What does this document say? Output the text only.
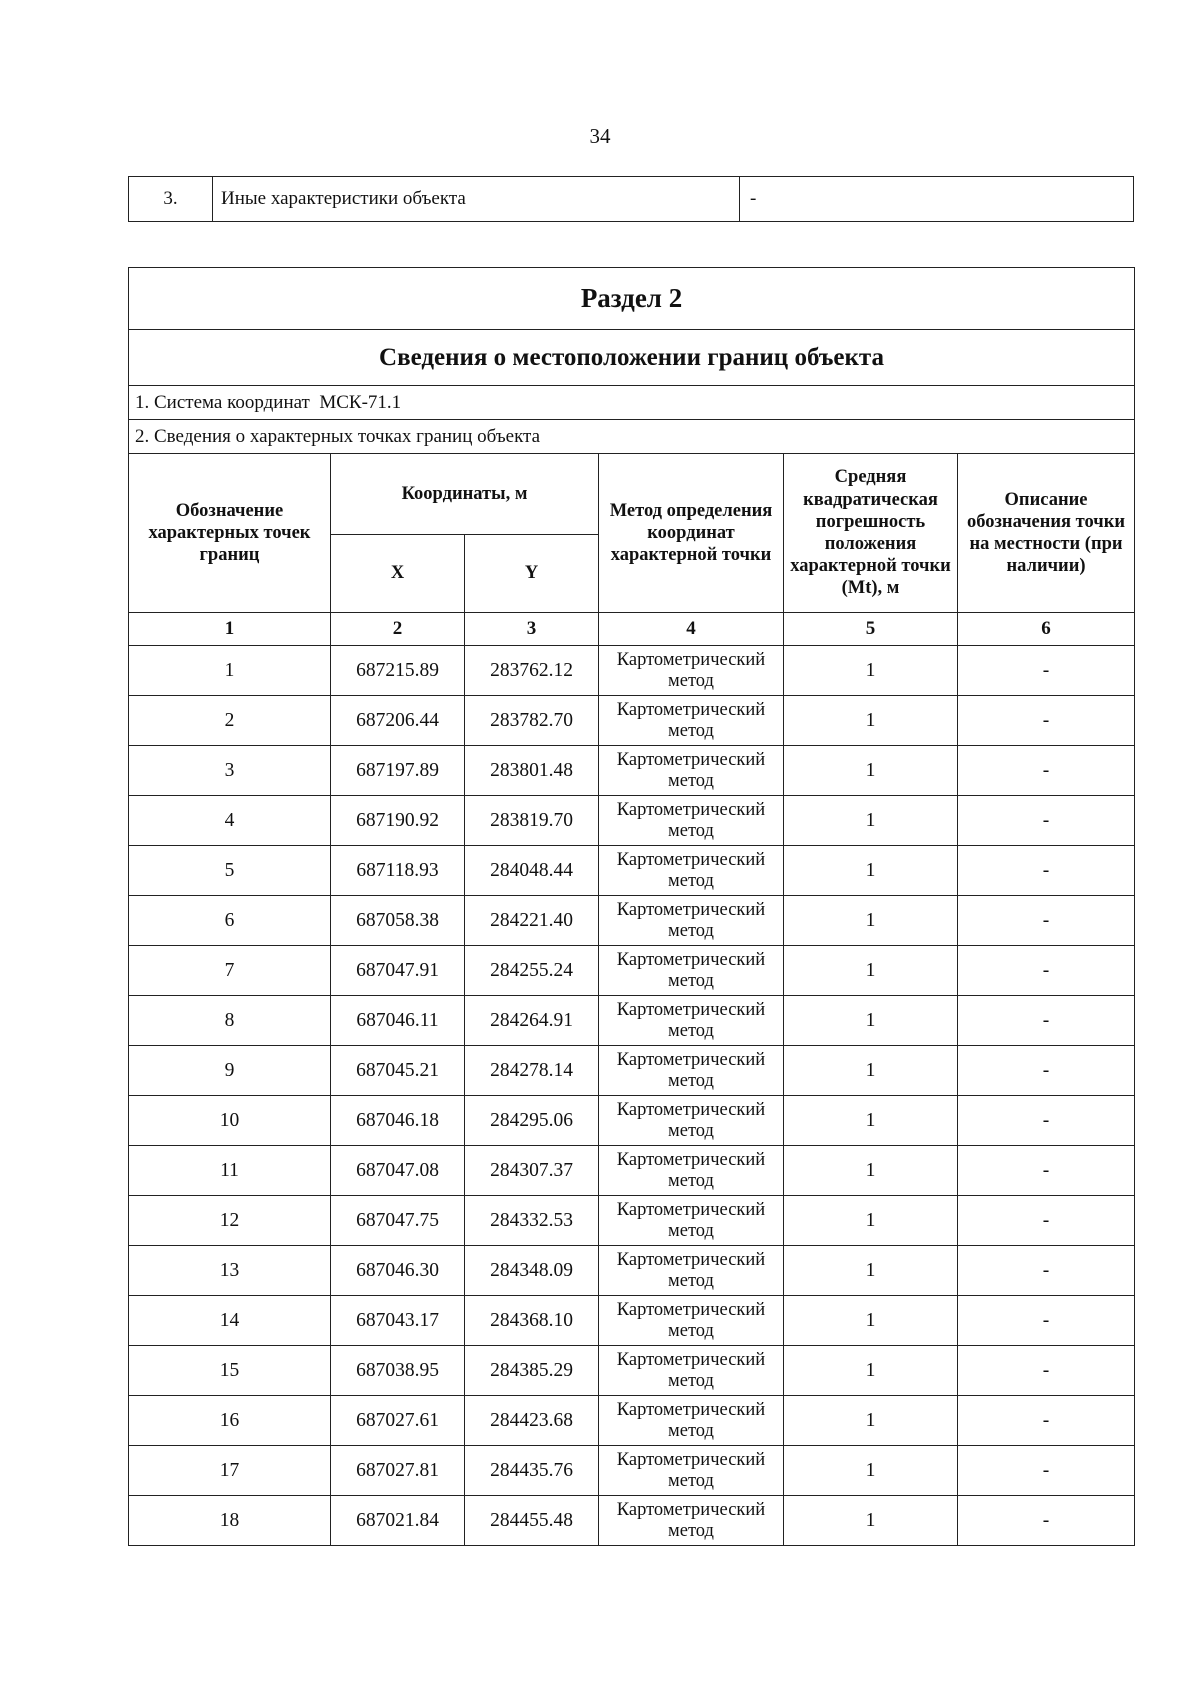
34
3.	Иные характеристики объекта	-
Раздел 2					
Сведения о местоположении границ объекта					
1. Система координат МСК-71.1					
2. Сведения о характерных точках границ объекта					
Обозначение характерных точек границ	Координаты, м		Метод определения координат характерной точки	Средняя квадратическая погрешность положения характерной точки (Mt), м	Описание обозначения точки на местности (при наличии)
	X	Y			
1	2	3	4	5	6
1	687215.89	283762.12	Картометрический метод	1	-
2	687206.44	283782.70	Картометрический метод	1	-
3	687197.89	283801.48	Картометрический метод	1	-
4	687190.92	283819.70	Картометрический метод	1	-
5	687118.93	284048.44	Картометрический метод	1	-
6	687058.38	284221.40	Картометрический метод	1	-
7	687047.91	284255.24	Картометрический метод	1	-
8	687046.11	284264.91	Картометрический метод	1	-
9	687045.21	284278.14	Картометрический метод	1	-
10	687046.18	284295.06	Картометрический метод	1	-
11	687047.08	284307.37	Картометрический метод	1	-
12	687047.75	284332.53	Картометрический метод	1	-
13	687046.30	284348.09	Картометрический метод	1	-
14	687043.17	284368.10	Картометрический метод	1	-
15	687038.95	284385.29	Картометрический метод	1	-
16	687027.61	284423.68	Картометрический метод	1	-
17	687027.81	284435.76	Картометрический метод	1	-
18	687021.84	284455.48	Картометрический метод	1	-
